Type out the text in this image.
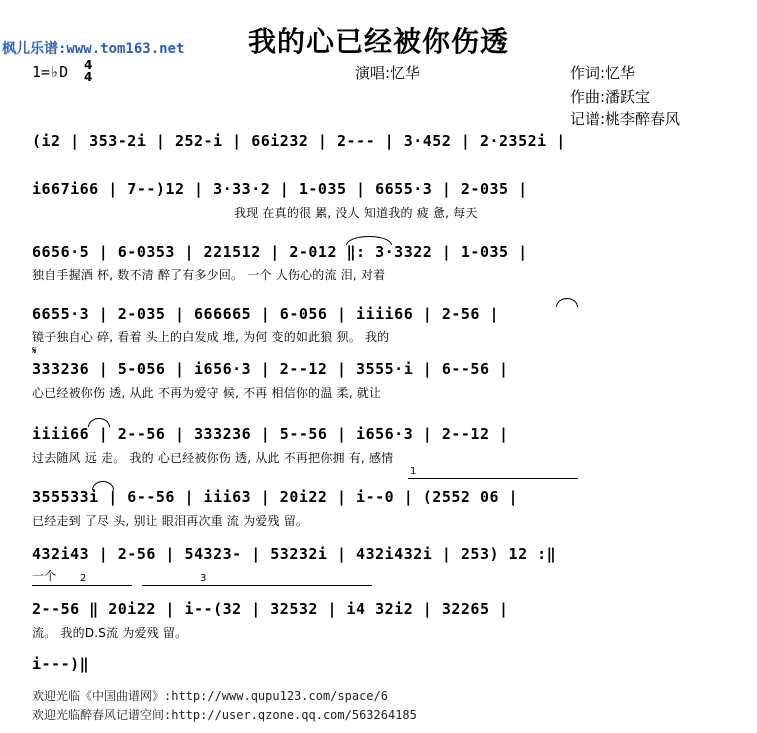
枫儿乐谱:www.tom163.net	我的心已经被你伤透
1=♭D 4
4	演唱:忆华	作词:忆华
作曲:潘跃宝
记谱:桃李醉春风
(i2 | 353-2i | 252-i | 66i232 | 2--- | 3·452 | 2·2352i |
i667i66 | 7--)12 | 3·33·2 | 1-035 | 6655·3 | 2-035 |
我现 在真的很 累, 没人 知道我的 疲 惫, 每天
6656·5 | 6-0353 | 221512 | 2-012 ‖: 3·3322 | 1-035 |
独自手握酒 杯, 数不清 醉了有多少回。 一个 人伤心的流 泪, 对着
6655·3 | 2-035 | 666665 | 6-056 | iiii66 | 2-56 |
镜子独自心 碎, 看着 头上的白发成 堆, 为何 变的如此狼 狈。 我的
𝄋
333236 | 5-056 | i656·3 | 2--12 | 3555·i | 6--56 |
心已经被你伤 透, 从此 不再为爱守 候, 不再 相信你的温 柔, 就让
iiii66 | 2--56 | 333236 | 5--56 | i656·3 | 2--12 |
过去随风 远 走。 我的 心已经被你伤 透, 从此 不再把你拥 有, 感情
1
355533i | 6--56 | iii63 | 20i22 | i--0 | (2552 06 |
已经走到 了尽 头, 别让 眼泪再次重 流 为爱残 留。
432i43 | 2-56 | 54323- | 53232i | 432i432i | 253) 12 :‖
一个 2	3
2--56 ‖ 20i22 | i--(32 | 32532 | i4 32i2 | 32265 |
流。 我的D.S流 为爱残 留。
i---)‖
欢迎光临《中国曲谱网》:http://www.qupu123.com/space/6
欢迎光临醉春风记谱空间:http://user.qzone.qq.com/563264185
